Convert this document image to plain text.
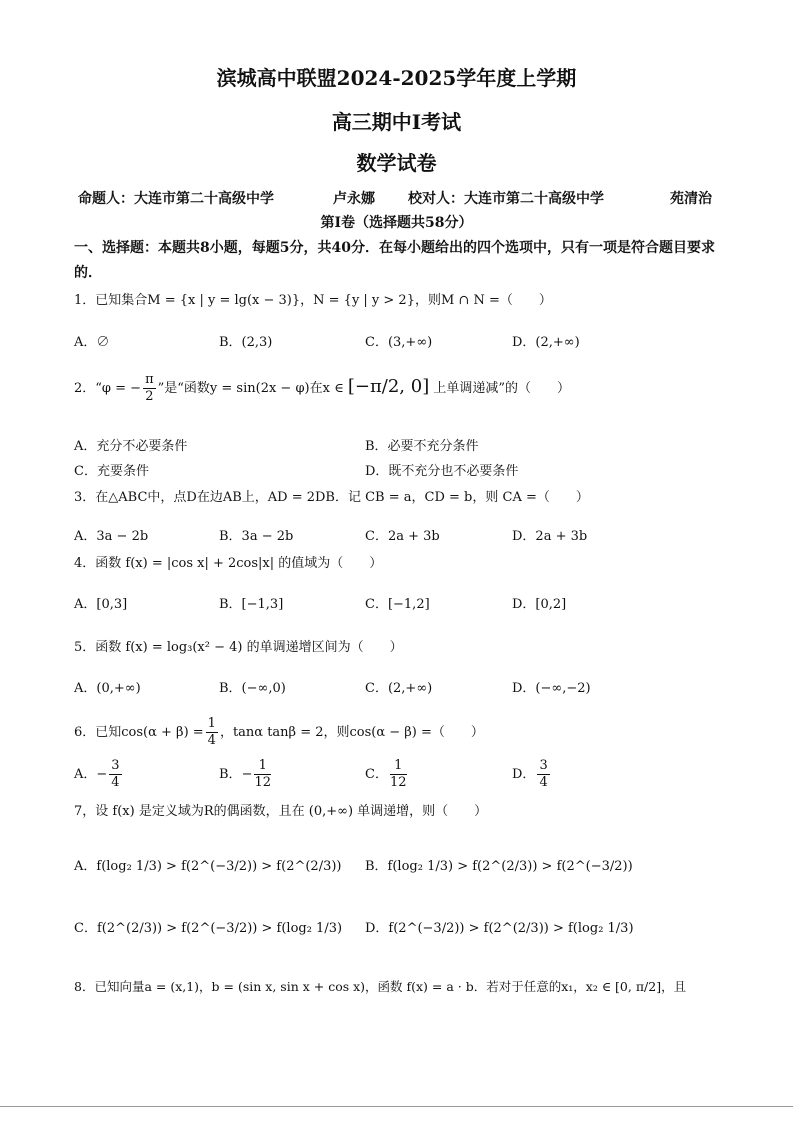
滨城高中联盟2024-2025学年度上学期
高三期中Ⅰ考试
数学试卷
命题人：大连市第二十高级中学	卢永娜 校对人：大连市第二十高级中学	苑清治
第Ⅰ卷（选择题共58分）
一、选择题：本题共8小题，每题5分，共40分．在每小题给出的四个选项中，只有一项是符合题目要求的．
1．已知集合M = {x | y = lg(x − 3)}，N = {y | y > 2}，则M ∩ N =（　　）
A．∅	B．(2,3)	C．(3,+∞)	D．(2,+∞)
2．“φ = − $\frac{\pi}{2}$ ”是“函数y = sin(2x − φ)在x ∈ [−π/2, 0] 上单调递减”的（　　）
A．充分不必要条件	B．必要不充分条件
C．充要条件	D．既不充分也不必要条件
3．在△ABC中，点D在边AB上，AD = 2DB．记 CB = a，CD = b，则 CA =（　　）
A．3a − 2b	B．3a − 2b	C．2a + 3b	D．2a + 3b
4．函数 f(x) = |cos x| + 2cos|x| 的值域为（　　）
A．[0,3]	B．[−1,3]	C．[−1,2]	D．[0,2]
5．函数 f(x) = log₃(x² − 4) 的单调递增区间为（　　）
A．(0,+∞)	B．(−∞,0)	C．(2,+∞)	D．(−∞,−2)
6．已知$\cos(\alpha + \beta) = \frac{1}{4}$ ，tanα tanβ = 2，则cos(α − β) =（　　）
A．− $\frac{3}{4}$	B．− $\frac{1}{12}$	C． $\frac{1}{12}$	D． $\frac{3}{4}$
7，设 f(x) 是定义域为R的偶函数，且在 (0,+∞) 单调递增，则（　　）
A．f(log₂ 1/3) > f(2^(−3/2)) > f(2^(2/3)) B．f(log₂ 1/3) > f(2^(2/3)) > f(2^(−3/2))
C．f(2^(2/3)) > f(2^(−3/2)) > f(log₂ 1/3) D．f(2^(−3/2)) > f(2^(2/3)) > f(log₂ 1/3)
8．已知向量a = (x,1)，b = (sin x, sin x + cos x)，函数 f(x) = a · b．若对于任意的x₁，x₂ ∈ [0, π/2]，且
